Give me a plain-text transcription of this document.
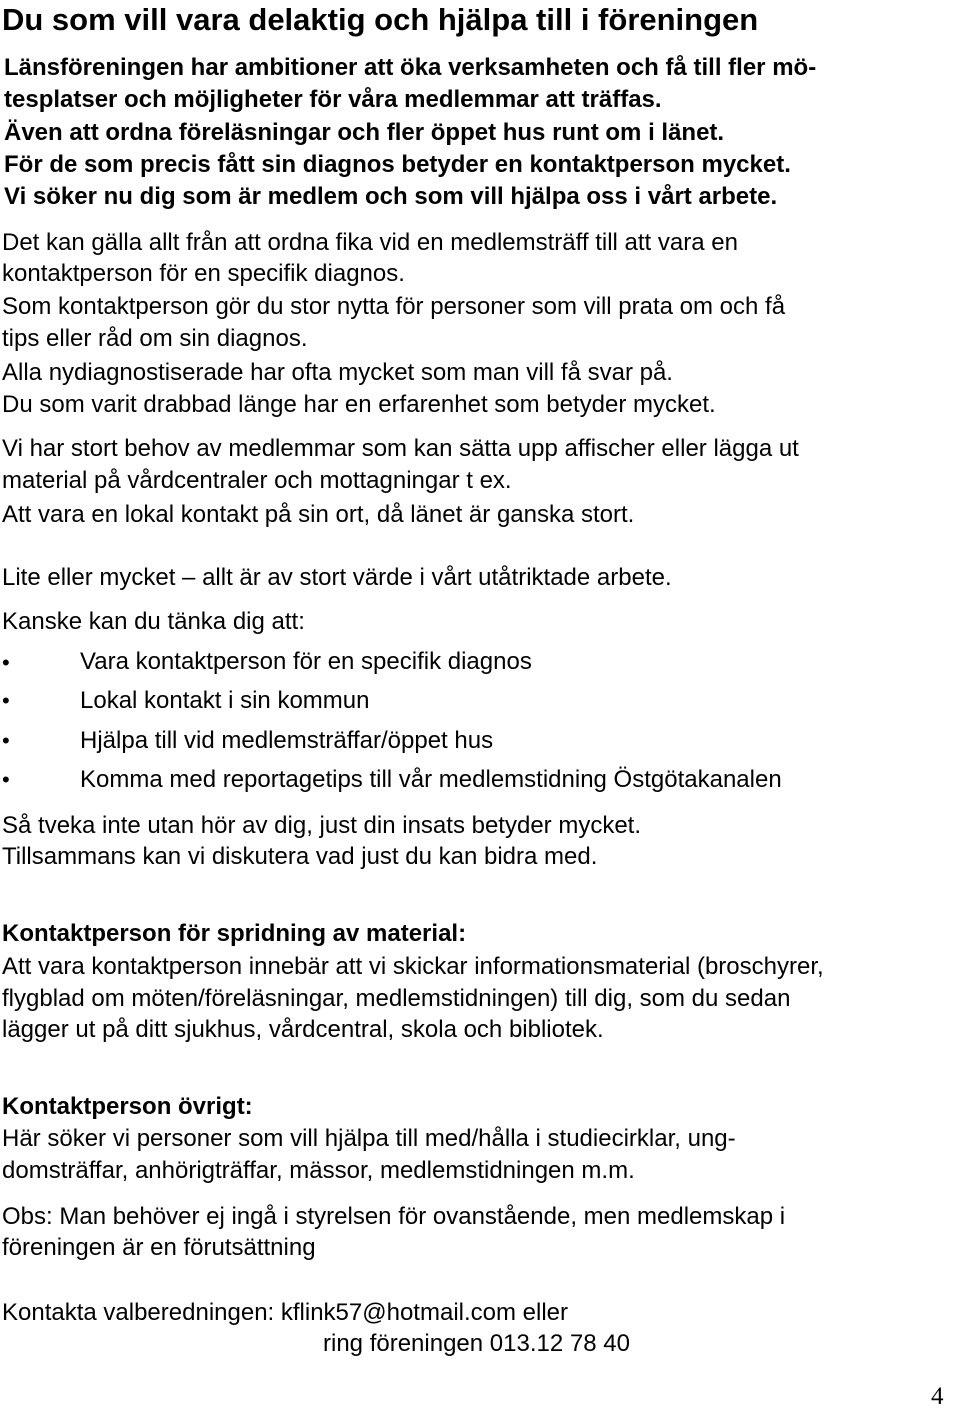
Du som vill vara delaktig och hjälpa till i föreningen
Länsföreningen har ambitioner att öka verksamheten och få till fler mö-
tesplatser och möjligheter för våra medlemmar att träffas.
Även att ordna föreläsningar och fler öppet hus runt om i länet.
För de som precis fått sin diagnos betyder en kontaktperson mycket.
Vi söker nu dig som är medlem och som vill hjälpa oss i vårt arbete.
Det kan gälla allt från att ordna fika vid en medlemsträff till att vara en
kontaktperson för en specifik diagnos.
Som kontaktperson gör du stor nytta för personer som vill prata om och få
tips eller råd om sin diagnos.
Alla nydiagnostiserade har ofta mycket som man vill få svar på.
Du som varit drabbad länge har en erfarenhet som betyder mycket.
Vi har stort behov av medlemmar som kan sätta upp affischer eller lägga ut
material på vårdcentraler och mottagningar t ex.
Att vara en lokal kontakt på sin ort, då länet är ganska stort.
Lite eller mycket – allt är av stort värde i vårt utåtriktade arbete.
Kanske kan du tänka dig att:
•	Vara kontaktperson för en specifik diagnos
•	Lokal kontakt i sin kommun
•	Hjälpa till vid medlemsträffar/öppet hus
•	Komma med reportagetips till vår medlemstidning Östgötakanalen
Så tveka inte utan hör av dig, just din insats betyder mycket.
Tillsammans kan vi diskutera vad just du kan bidra med.
Kontaktperson för spridning av material:
Att vara kontaktperson innebär att vi skickar informationsmaterial (broschyrer,
flygblad om möten/föreläsningar, medlemstidningen) till dig, som du sedan
lägger ut på ditt sjukhus, vårdcentral, skola och bibliotek.
Kontaktperson övrigt:
Här söker vi personer som vill hjälpa till med/hålla i studiecirklar, ung-
domsträffar, anhörigträffar, mässor, medlemstidningen m.m.
Obs: Man behöver ej ingå i styrelsen för ovanstående, men medlemskap i
föreningen är en förutsättning
Kontakta valberedningen: kflink57@hotmail.com eller
ring föreningen 013.12 78 40
4
